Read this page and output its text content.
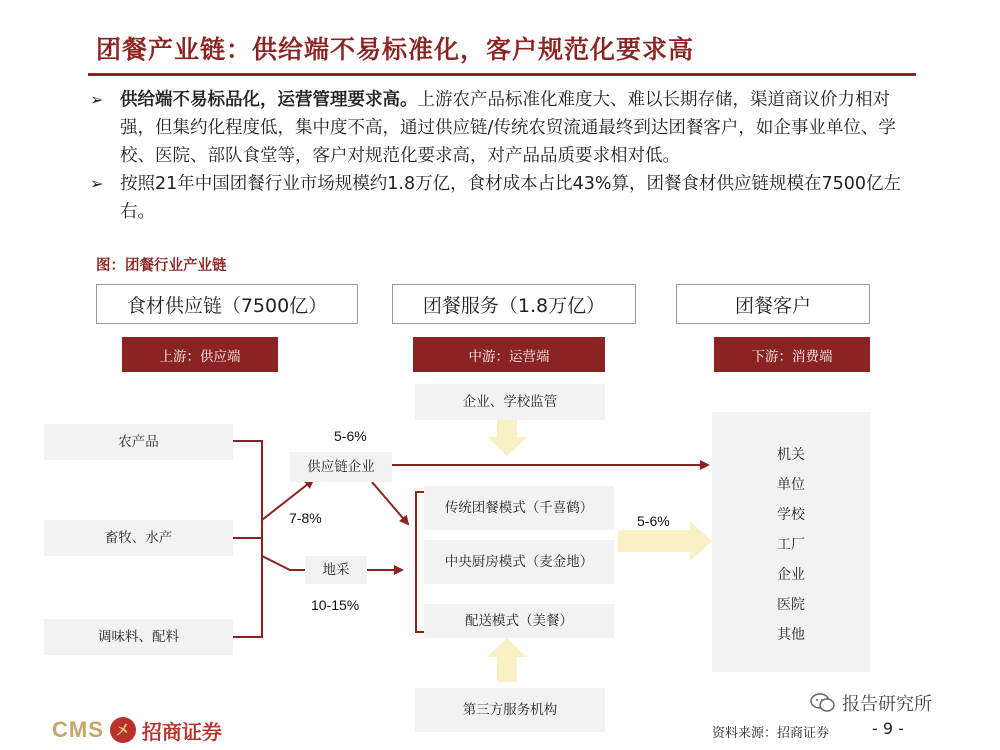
团餐产业链：供给端不易标准化，客户规范化要求高
➢ 供给端不易标品化，运营管理要求高。上游农产品标准化难度大、难以长期存储，渠道商议价力相对强，但集约化程度低，集中度不高，通过供应链/传统农贸流通最终到达团餐客户，如企事业单位、学校、医院、部队食堂等，客户对规范化要求高，对产品品质要求相对低。
➢ 按照21年中国团餐行业市场规模约1.8万亿，食材成本占比43%算，团餐食材供应链规模在7500亿左右。
图：团餐行业产业链
食材供应链（7500亿）	团餐服务（1.8万亿）	团餐客户
上游：供应端	中游：运营端	下游：消费端
农产品
畜牧、水产
调味料、配料
供应链企业
地采
企业、学校监管
第三方服务机构
传统团餐模式（千喜鹤）
中央厨房模式（麦金地）
配送模式（美餐）
5-6%
7-8%
10-15%
5-6%
机关
单位
学校
工厂
企业
医院
其他
CMS 㐅 招商证券
报告研究所
资料来源：招商证券	- 9 -
